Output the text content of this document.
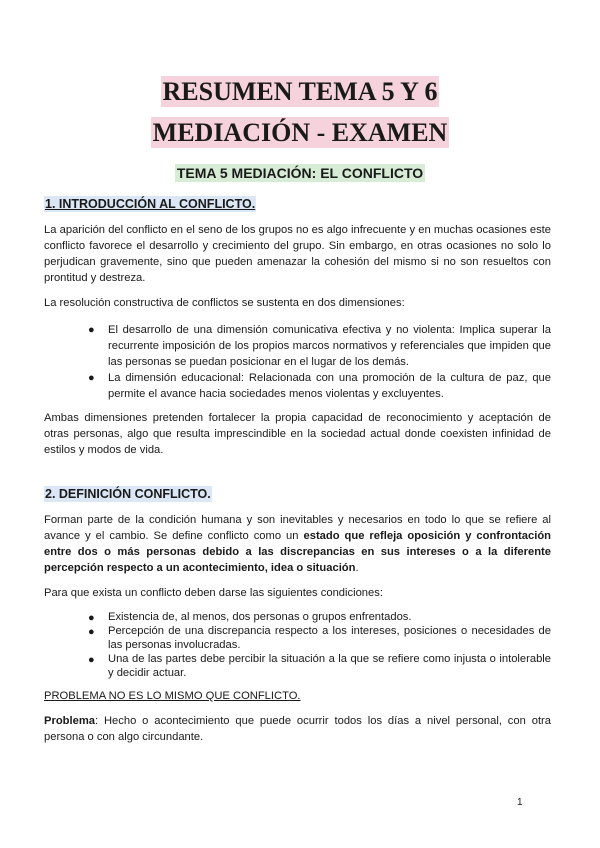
RESUMEN TEMA 5 Y 6
MEDIACIÓN - EXAMEN
TEMA 5 MEDIACIÓN: EL CONFLICTO
1. INTRODUCCIÓN AL CONFLICTO.
La aparición del conflicto en el seno de los grupos no es algo infrecuente y en muchas ocasiones este conflicto favorece el desarrollo y crecimiento del grupo. Sin embargo, en otras ocasiones no solo lo perjudican gravemente, sino que pueden amenazar la cohesión del mismo si no son resueltos con prontitud y destreza.
La resolución constructiva de conflictos se sustenta en dos dimensiones:
● El desarrollo de una dimensión comunicativa efectiva y no violenta: Implica superar la recurrente imposición de los propios marcos normativos y referenciales que impiden que las personas se puedan posicionar en el lugar de los demás.
● La dimensión educacional: Relacionada con una promoción de la cultura de paz, que permite el avance hacia sociedades menos violentas y excluyentes.
Ambas dimensiones pretenden fortalecer la propia capacidad de reconocimiento y aceptación de otras personas, algo que resulta imprescindible en la sociedad actual donde coexisten infinidad de estilos y modos de vida.
2. DEFINICIÓN CONFLICTO.
Forman parte de la condición humana y son inevitables y necesarios en todo lo que se refiere al avance y el cambio. Se define conflicto como un estado que refleja oposición y confrontación entre dos o más personas debido a las discrepancias en sus intereses o a la diferente percepción respecto a un acontecimiento, idea o situación.
Para que exista un conflicto deben darse las siguientes condiciones:
● Existencia de, al menos, dos personas o grupos enfrentados.
● Percepción de una discrepancia respecto a los intereses, posiciones o necesidades de las personas involucradas.
● Una de las partes debe percibir la situación a la que se refiere como injusta o intolerable y decidir actuar.
PROBLEMA NO ES LO MISMO QUE CONFLICTO.
Problema: Hecho o acontecimiento que puede ocurrir todos los días a nivel personal, con otra persona o con algo circundante.
1
